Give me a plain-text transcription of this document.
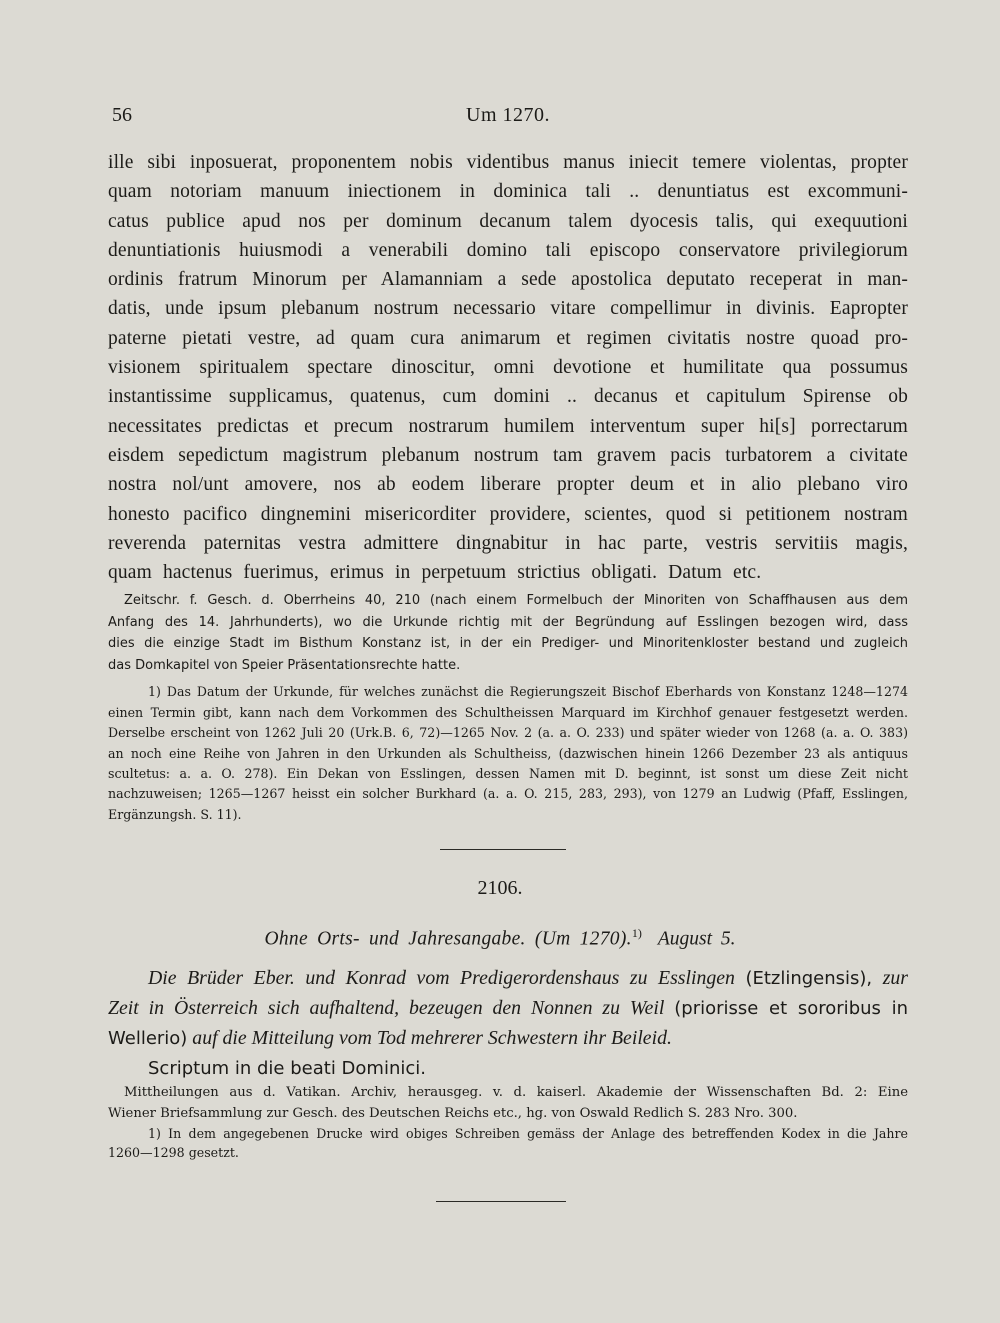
56	Um 1270.
ille sibi inposuerat, proponentem nobis videntibus manus iniecit temere violentas, propter
quam notoriam manuum iniectionem in dominica tali .. denuntiatus est excommuni-
catus publice apud nos per dominum decanum talem dyocesis talis, qui exequutioni
denuntiationis huiusmodi a venerabili domino tali episcopo conservatore privilegiorum
ordinis fratrum Minorum per Alamanniam a sede apostolica deputato receperat in man-
datis, unde ipsum plebanum nostrum necessario vitare compellimur in divinis. Eapropter
paterne pietati vestre, ad quam cura animarum et regimen civitatis nostre quoad pro-
visionem spiritualem spectare dinoscitur, omni devotione et humilitate qua possumus
instantissime supplicamus, quatenus, cum domini .. decanus et capitulum Spirense ob
necessitates predictas et precum nostrarum humilem interventum super hi[s] porrectarum
eisdem sepedictum magistrum plebanum nostrum tam gravem pacis turbatorem a civitate
nostra nol/unt amovere, nos ab eodem liberare propter deum et in alio plebano viro
honesto pacifico dingnemini misericorditer providere, scientes, quod si petitionem nostram
reverenda paternitas vestra admittere dingnabitur in hac parte, vestris servitiis magis,
quam hactenus fuerimus, erimus in perpetuum strictius obligati. Datum etc.
Zeitschr. f. Gesch. d. Oberrheins 40, 210 (nach einem Formelbuch der Minoriten von Schaffhausen aus dem
Anfang des 14. Jahrhunderts), wo die Urkunde richtig mit der Begründung auf Esslingen bezogen wird, dass
dies die einzige Stadt im Bisthum Konstanz ist, in der ein Prediger- und Minoritenkloster bestand und zugleich
das Domkapitel von Speier Präsentationsrechte hatte.
1) Das Datum der Urkunde, für welches zunächst die Regierungszeit Bischof Eberhards von Konstanz 1248—1274
einen Termin gibt, kann nach dem Vorkommen des Schultheissen Marquard im Kirchhof genauer festgesetzt werden.
Derselbe erscheint von 1262 Juli 20 (Urk.B. 6, 72)—1265 Nov. 2 (a. a. O. 233) und später wieder von 1268 (a. a. O. 383)
an noch eine Reihe von Jahren in den Urkunden als Schultheiss, (dazwischen hinein 1266 Dezember 23 als antiquus
scultetus: a. a. O. 278). Ein Dekan von Esslingen, dessen Namen mit D. beginnt, ist sonst um diese Zeit nicht
nachzuweisen; 1265—1267 heisst ein solcher Burkhard (a. a. O. 215, 283, 293), von 1279 an Ludwig (Pfaff, Esslingen,
Ergänzungsh. S. 11).
2106.
Ohne Orts- und Jahresangabe. (Um 1270).$^{1)}$ August 5.
Die Brüder Eber. und Konrad vom Predigerordenshaus zu Esslingen (Etzlingensis), zur
Zeit in Österreich sich aufhaltend, bezeugen den Nonnen zu Weil (priorisse et sororibus in
Wellerio) auf die Mitteilung vom Tod mehrerer Schwestern ihr Beileid.
Scriptum in die beati Dominici.
Mittheilungen aus d. Vatikan. Archiv, herausgeg. v. d. kaiserl. Akademie der Wissenschaften Bd. 2: Eine
Wiener Briefsammlung zur Gesch. des Deutschen Reichs etc., hg. von Oswald Redlich S. 283 Nro. 300.
1) In dem angegebenen Drucke wird obiges Schreiben gemäss der Anlage des betreffenden Kodex in die Jahre
1260—1298 gesetzt.
